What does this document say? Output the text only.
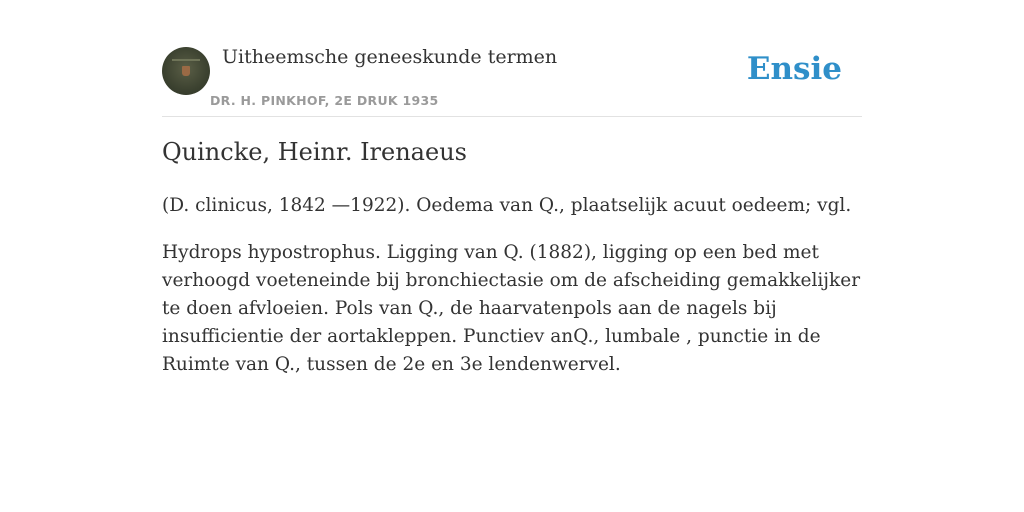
Uitheemsche geneeskunde termen
DR. H. PINKHOF, 2E DRUK 1935
Ensie
Quincke, Heinr. Irenaeus

(D. clinicus, 1842 —1922). Oedema van Q., plaatselijk acuut oedeem; vgl.

Hydrops hypostrophus. Ligging van Q. (1882), ligging op een bed met verhoogd voeteneinde bij bronchiectasie om de afscheiding gemakkelijker te doen afvloeien. Pols van Q., de haarvatenpols aan de nagels bij insufficientie der aortakleppen. Punctiev anQ., lumbale , punctie in de Ruimte van Q., tussen de 2e en 3e lendenwervel.
